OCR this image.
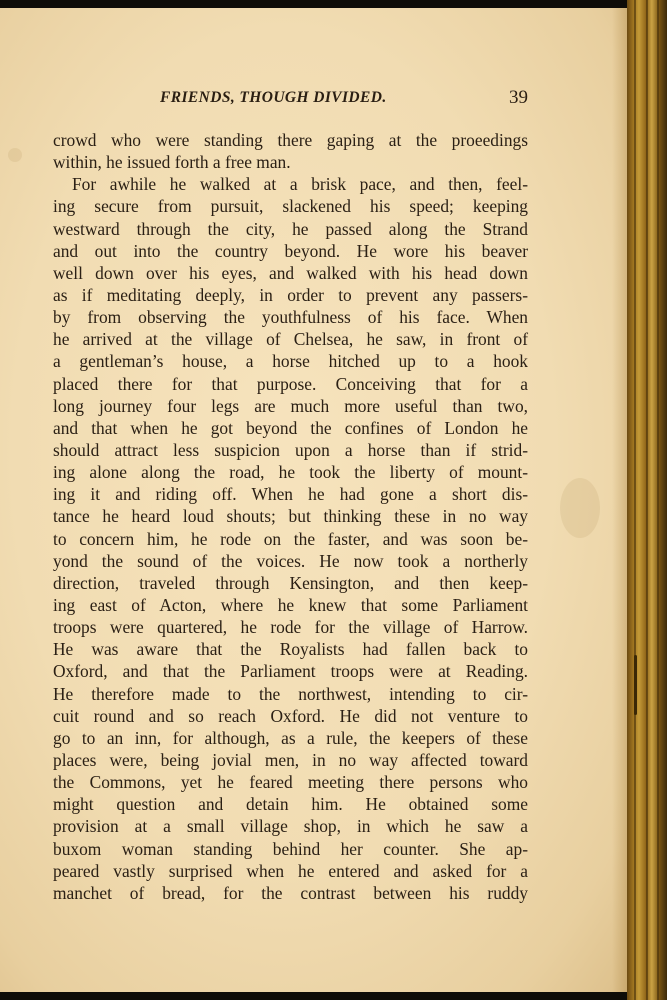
FRIENDS, THOUGH DIVIDED.	39
crowd who were standing there gaping at the proeedings
within, he issued forth a free man.
For awhile he walked at a brisk pace, and then, feel-
ing secure from pursuit, slackened his speed; keeping
westward through the city, he passed along the Strand
and out into the country beyond. He wore his beaver
well down over his eyes, and walked with his head down
as if meditating deeply, in order to prevent any passers-
by from observing the youthfulness of his face. When
he arrived at the village of Chelsea, he saw, in front of
a gentleman’s house, a horse hitched up to a hook
placed there for that purpose. Conceiving that for a
long journey four legs are much more useful than two,
and that when he got beyond the confines of London he
should attract less suspicion upon a horse than if strid-
ing alone along the road, he took the liberty of mount-
ing it and riding off. When he had gone a short dis-
tance he heard loud shouts; but thinking these in no way
to concern him, he rode on the faster, and was soon be-
yond the sound of the voices. He now took a northerly
direction, traveled through Kensington, and then keep-
ing east of Acton, where he knew that some Parliament
troops were quartered, he rode for the village of Harrow.
He was aware that the Royalists had fallen back to
Oxford, and that the Parliament troops were at Reading.
He therefore made to the northwest, intending to cir-
cuit round and so reach Oxford. He did not venture to
go to an inn, for although, as a rule, the keepers of these
places were, being jovial men, in no way affected toward
the Commons, yet he feared meeting there persons who
might question and detain him. He obtained some
provision at a small village shop, in which he saw a
buxom woman standing behind her counter. She ap-
peared vastly surprised when he entered and asked for a
manchet of bread, for the contrast between his ruddy
